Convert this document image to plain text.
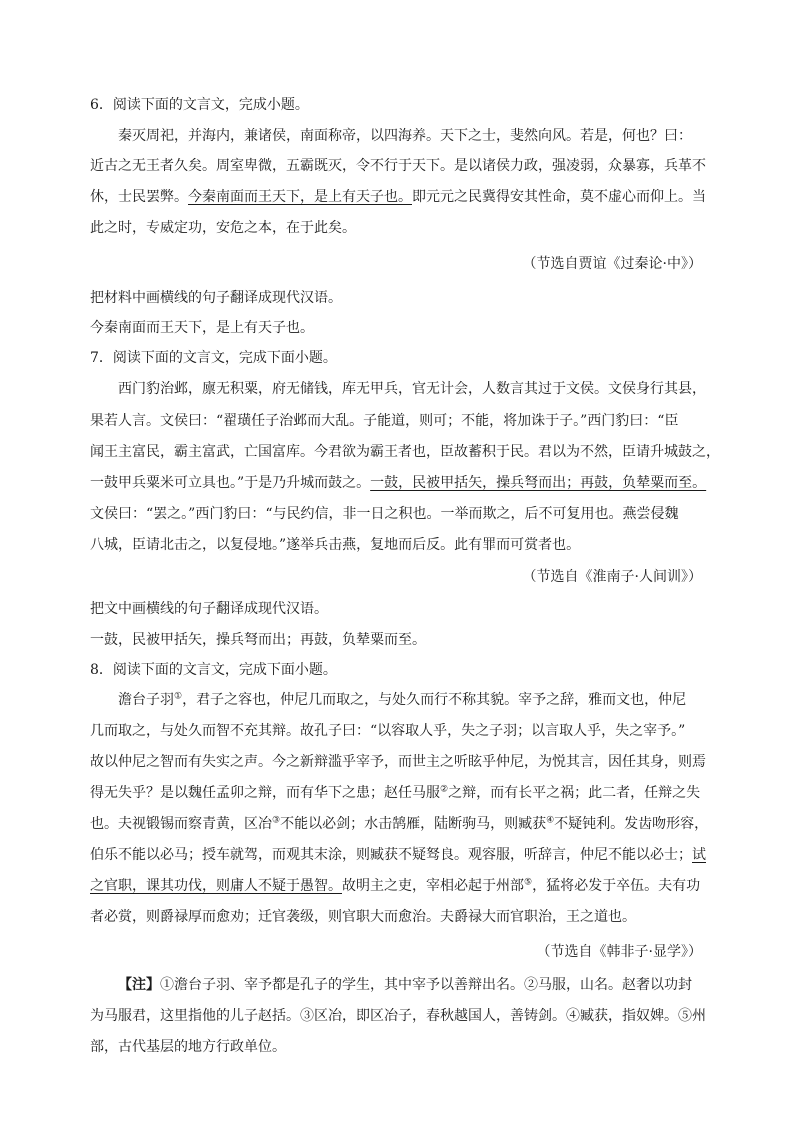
6．阅读下面的文言文，完成小题。
秦灭周祀，并海内，兼诸侯，南面称帝，以四海养。天下之士，斐然向风。若是，何也？曰：
近古之无王者久矣。周室卑微，五霸既灭，令不行于天下。是以诸侯力政，强凌弱，众暴寡，兵革不
休，士民罢弊。今秦南面而王天下，是上有天子也。即元元之民冀得安其性命，莫不虚心而仰上。当
此之时，专威定功，安危之本，在于此矣。
（节选自贾谊《过秦论·中》）
把材料中画横线的句子翻译成现代汉语。
今秦南面而王天下，是上有天子也。
7．阅读下面的文言文，完成下面小题。
西门豹治邺，廪无积粟，府无储钱，库无甲兵，官无计会，人数言其过于文侯。文侯身行其县，
果若人言。文侯曰：“翟璜任子治邺而大乱。子能道，则可；不能，将加诛于子。”西门豹曰：“臣
闻王主富民，霸主富武，亡国富库。今君欲为霸王者也，臣故蓄积于民。君以为不然，臣请升城鼓之，
一鼓甲兵粟米可立具也。”于是乃升城而鼓之。一鼓，民被甲括矢，操兵弩而出；再鼓，负辇粟而至。
文侯曰：“罢之。”西门豹曰：“与民约信，非一日之积也。一举而欺之，后不可复用也。燕尝侵魏
八城，臣请北击之，以复侵地。”遂举兵击燕，复地而后反。此有罪而可赏者也。
（节选自《淮南子·人间训》）
把文中画横线的句子翻译成现代汉语。
一鼓，民被甲括矢，操兵弩而出；再鼓，负辇粟而至。
8．阅读下面的文言文，完成下面小题。
澹台子羽①，君子之容也，仲尼几而取之，与处久而行不称其貌。宰予之辞，雅而文也，仲尼
几而取之，与处久而智不充其辩。故孔子曰：“以容取人乎，失之子羽；以言取人乎，失之宰予。”
故以仲尼之智而有失实之声。今之新辩滥乎宰予，而世主之听眩乎仲尼，为悦其言，因任其身，则焉
得无失乎？是以魏任孟卯之辩，而有华下之患；赵任马服②之辩，而有长平之祸；此二者，任辩之失
也。夫视锻锡而察青黄，区冶③不能以必剑；水击鹄雁，陆断驹马，则臧获④不疑钝利。发齿吻形容，
伯乐不能以必马；授车就驾，而观其末涂，则臧获不疑驽良。观容服，听辞言，仲尼不能以必士；试
之官职，课其功伐，则庸人不疑于愚智。故明主之吏，宰相必起于州部⑤，猛将必发于卒伍。夫有功
者必赏，则爵禄厚而愈劝；迁官袭级，则官职大而愈治。夫爵禄大而官职治，王之道也。
（节选自《韩非子·显学》）
【注】①澹台子羽、宰予都是孔子的学生，其中宰予以善辩出名。②马服，山名。赵奢以功封
为马服君，这里指他的儿子赵括。③区冶，即区冶子，春秋越国人，善铸剑。④臧获，指奴婢。⑤州
部，古代基层的地方行政单位。
